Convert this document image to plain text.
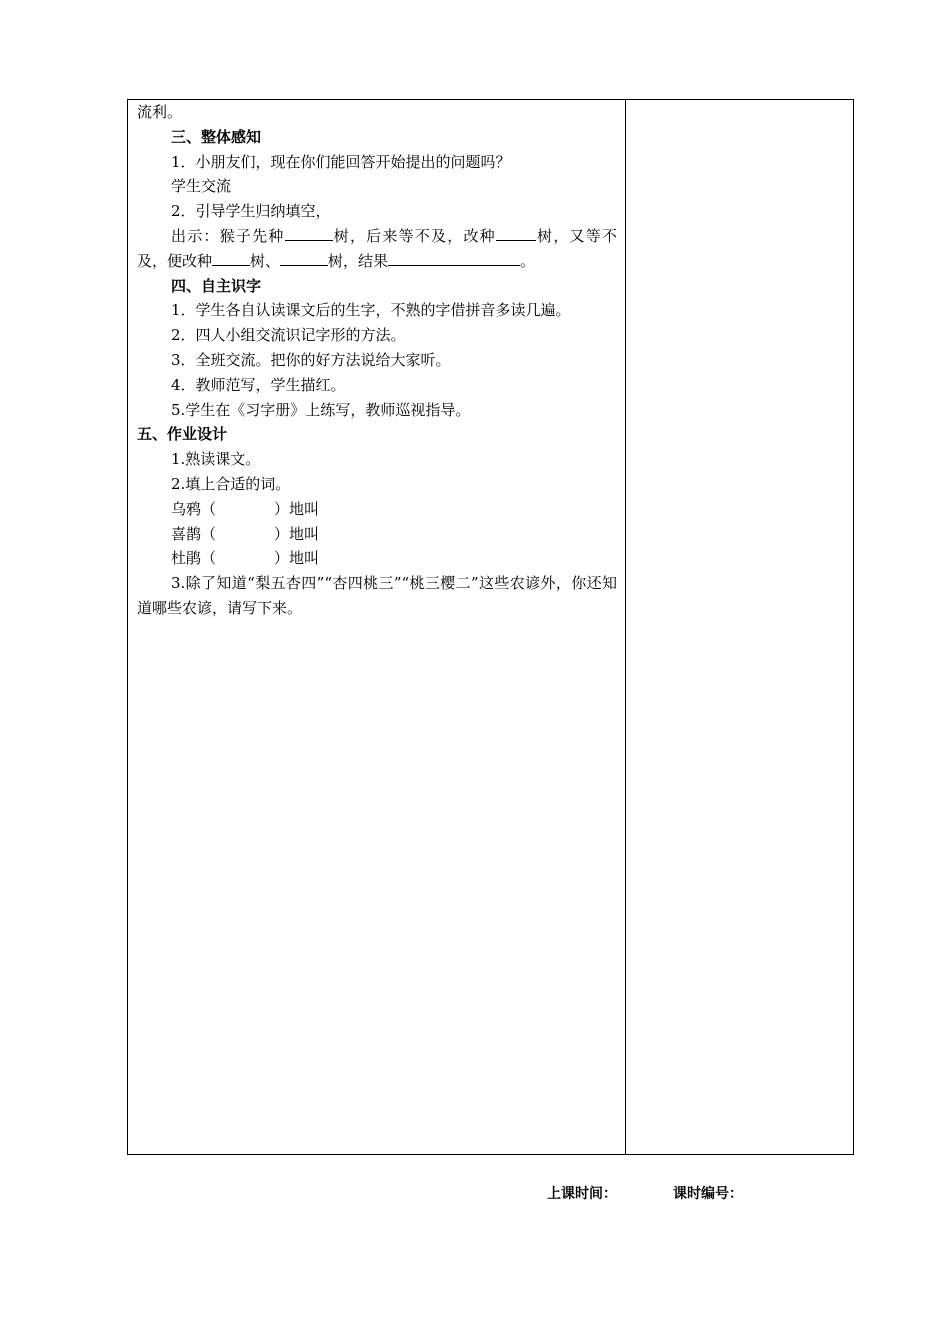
流利。
三、整体感知
1．小朋友们，现在你们能回答开始提出的问题吗？
学生交流
2．引导学生归纳填空，
出示：猴子先种	树，后来等不及，改种	树，又等不及，便改种	树、	树，结果	。
四、自主识字
1．学生各自认读课文后的生字，不熟的字借拼音多读几遍。
2．四人小组交流识记字形的方法。
3．全班交流。把你的好方法说给大家听。
4．教师范写，学生描红。
5.学生在《习字册》上练写，教师巡视指导。
五、作业设计
1.熟读课文。
2.填上合适的词。
乌鸦（	）地叫
喜鹊（	）地叫
杜鹃（	）地叫
3.除了知道“梨五杏四”“杏四桃三”“桃三樱二”这些农谚外，你还知道哪些农谚，请写下来。
上课时间：	课时编号：
